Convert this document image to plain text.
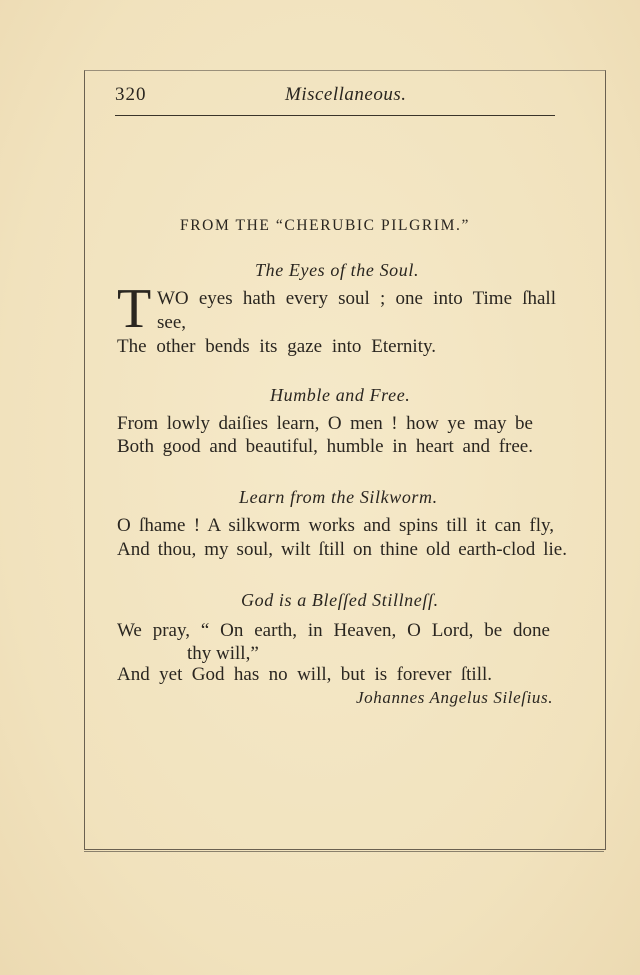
320	Miscellaneous.
FROM THE “CHERUBIC PILGRIM.”
The Eyes of the Soul.
T WO eyes hath every soul ; one into Time ſhall
see,
The other bends its gaze into Eternity.
Humble and Free.
From lowly daiſies learn, O men ! how ye may be
Both good and beautiful, humble in heart and free.
Learn from the Silkworm.
O ſhame ! A silkworm works and spins till it can fly,
And thou, my soul, wilt ſtill on thine old earth-clod lie.
God is a Bleſſed Stillneſſ.
We pray, “ On earth, in Heaven, O Lord, be done
thy will,”
And yet God has no will, but is forever ſtill.
Johannes Angelus Sileſius.
